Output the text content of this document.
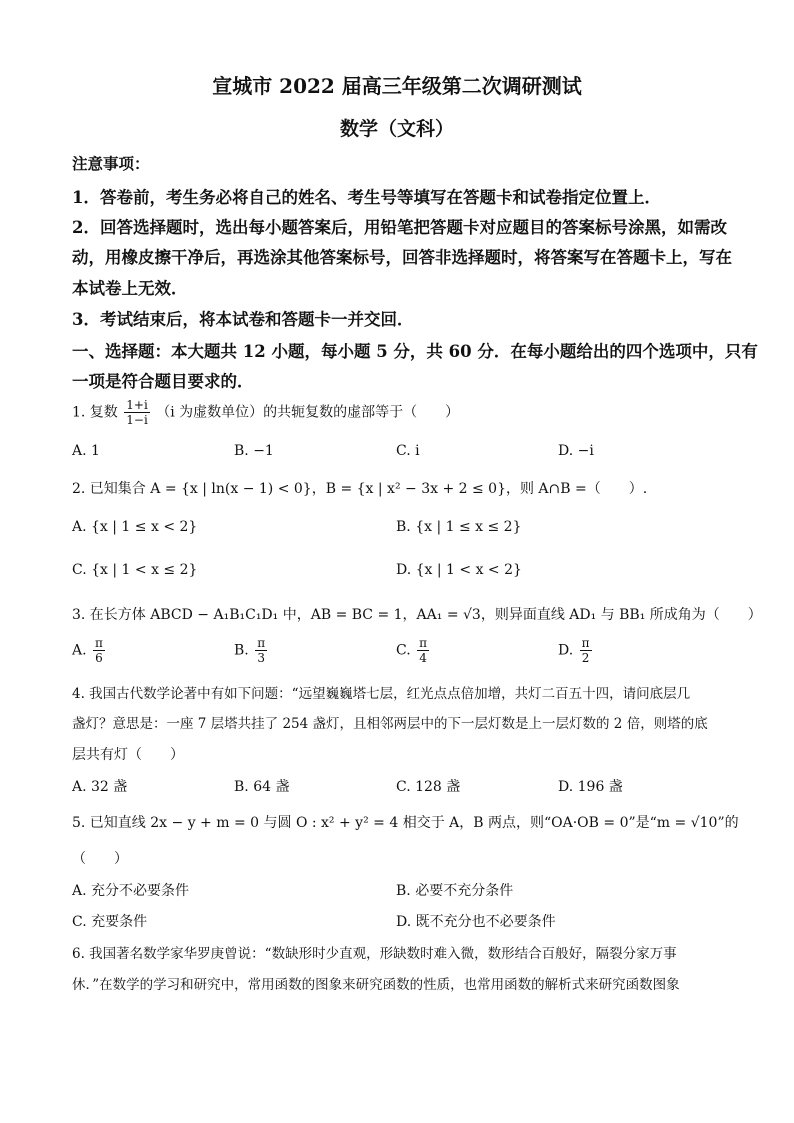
宣城市 2022 届高三年级第二次调研测试
数学（文科）
注意事项：
1．答卷前，考生务必将自己的姓名、考生号等填写在答题卡和试卷指定位置上．
2．回答选择题时，选出每小题答案后，用铅笔把答题卡对应题目的答案标号涂黑，如需改
动，用橡皮擦干净后，再选涂其他答案标号，回答非选择题时，将答案写在答题卡上，写在
本试卷上无效．
3．考试结束后，将本试卷和答题卡一并交回．
一、选择题：本大题共 12 小题，每小题 5 分，共 60 分．在每小题给出的四个选项中，只有
一项是符合题目要求的．
1. 复数 $\frac{1+i}{1-i} (i$ 为虚数单位）的共轭复数的虚部等于（　　）
A. 1	B. −1	C. i	D. −i
2. 已知集合 A = {x | ln(x − 1) < 0}，B = {x | x² − 3x + 2 ≤ 0}，则 A∩B =（　　）.
A. {x | 1 ≤ x < 2}	B. {x | 1 ≤ x ≤ 2}
C. {x | 1 < x ≤ 2}	D. {x | 1 < x < 2}
3. 在长方体 ABCD − A₁B₁C₁D₁ 中，AB = BC = 1，AA₁ = √3，则异面直线 AD₁ 与 BB₁ 所成角为（　　）
A. $\frac{\pi}{6}$	B. $\frac{\pi}{3}$	C. $\frac{\pi}{4}$	D. $\frac{\pi}{2}$
4. 我国古代数学论著中有如下问题：“远望巍巍塔七层，红光点点倍加增，共灯二百五十四，请问底层几
盏灯？意思是：一座 7 层塔共挂了 254 盏灯，且相邻两层中的下一层灯数是上一层灯数的 2 倍，则塔的底
层共有灯（　　）
A. 32 盏	B. 64 盏	C. 128 盏	D. 196 盏
5. 已知直线 2x − y + m = 0 与圆 O : x² + y² = 4 相交于 A，B 两点，则“OA·OB = 0”是“m = √10”的
（　　）
A. 充分不必要条件	B. 必要不充分条件
C. 充要条件	D. 既不充分也不必要条件
6. 我国著名数学家华罗庚曾说：“数缺形时少直观，形缺数时难入微，数形结合百般好，隔裂分家万事
休．”在数学的学习和研究中，常用函数的图象来研究函数的性质，也常用函数的解析式来研究函数图象
